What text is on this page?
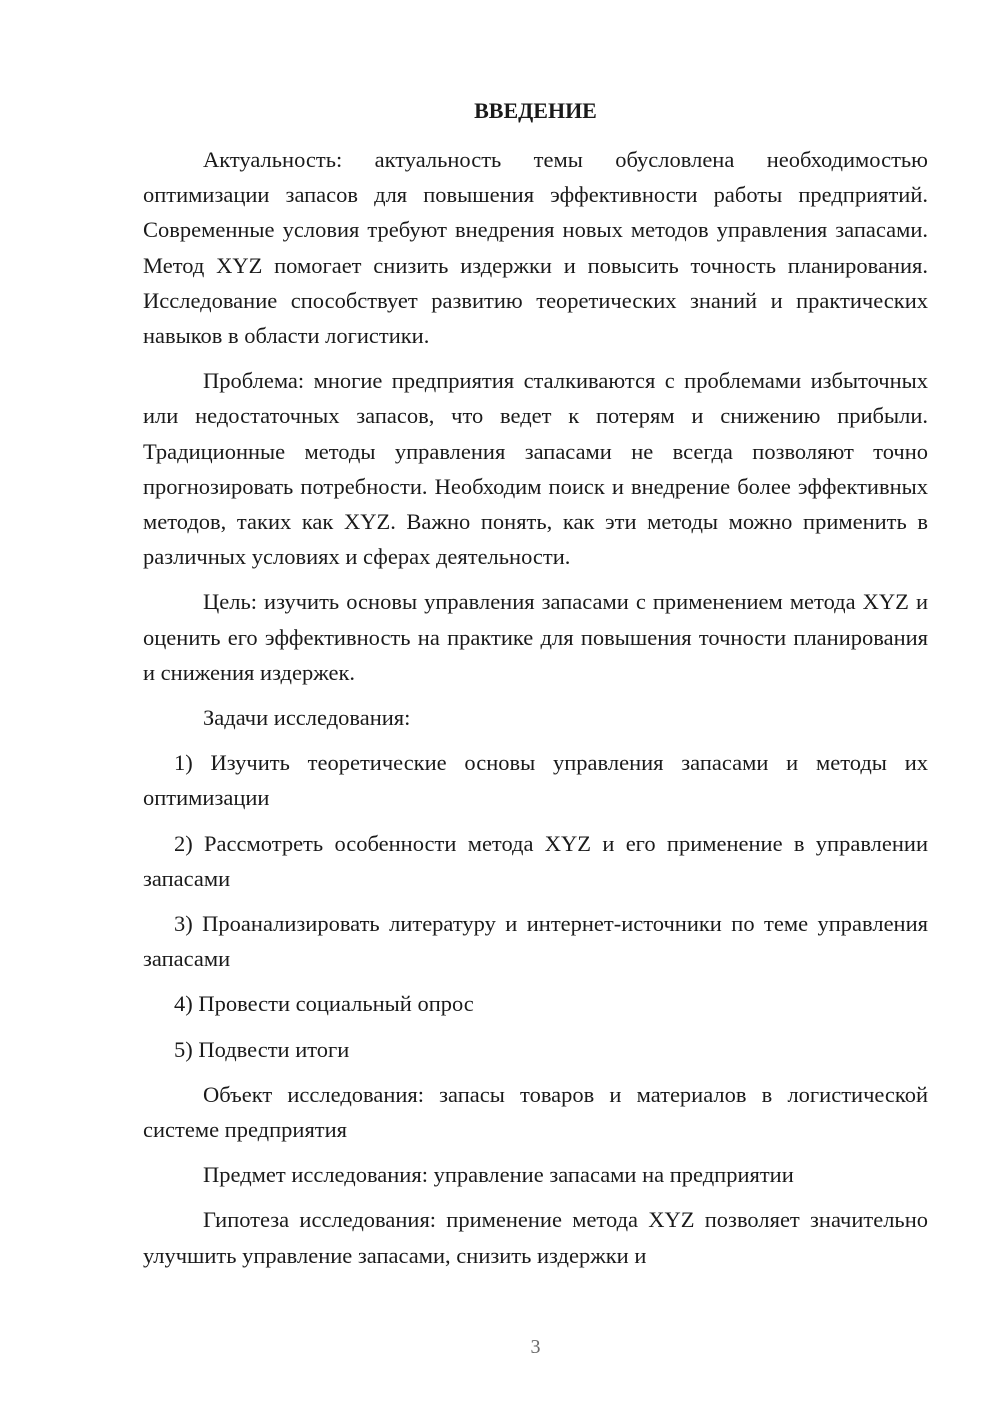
ВВЕДЕНИЕ

Актуальность: актуальность темы обусловлена необходимостью оптимизации запасов для повышения эффективности работы предприятий. Современные условия требуют внедрения новых методов управления запасами. Метод XYZ помогает снизить издержки и повысить точность планирования. Исследование способствует развитию теоретических знаний и практических навыков в области логистики.

Проблема: многие предприятия сталкиваются с проблемами избыточных или недостаточных запасов, что ведет к потерям и снижению прибыли. Традиционные методы управления запасами не всегда позволяют точно прогнозировать потребности. Необходим поиск и внедрение более эффективных методов, таких как XYZ. Важно понять, как эти методы можно применить в различных условиях и сферах деятельности.

Цель: изучить основы управления запасами с применением метода XYZ и оценить его эффективность на практике для повышения точности планирования и снижения издержек.

Задачи исследования:

1) Изучить теоретические основы управления запасами и методы их оптимизации

2) Рассмотреть особенности метода XYZ и его применение в управлении запасами

3) Проанализировать литературу и интернет-источники по теме управления запасами

4) Провести социальный опрос

5) Подвести итоги

Объект исследования: запасы товаров и материалов в логистической системе предприятия

Предмет исследования: управление запасами на предприятии

Гипотеза исследования: применение метода XYZ позволяет значительно улучшить управление запасами, снизить издержки и

3
